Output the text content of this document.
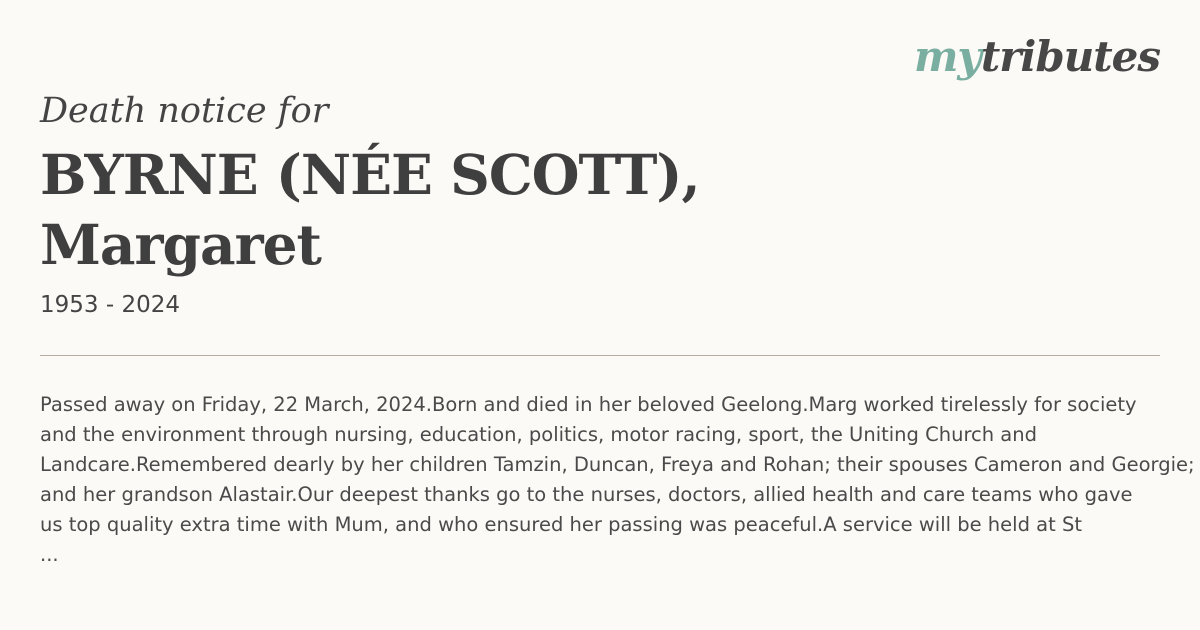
mytributes
Death notice for
BYRNE (NÉE SCOTT),
Margaret
1953 - 2024
Passed away on Friday, 22 March, 2024.Born and died in her beloved Geelong.Marg worked tirelessly for society
and the environment through nursing, education, politics, motor racing, sport, the Uniting Church and
Landcare.Remembered dearly by her children Tamzin, Duncan, Freya and Rohan; their spouses Cameron and Georgie;
and her grandson Alastair.Our deepest thanks go to the nurses, doctors, allied health and care teams who gave
us top quality extra time with Mum, and who ensured her passing was peaceful.A service will be held at St
...
